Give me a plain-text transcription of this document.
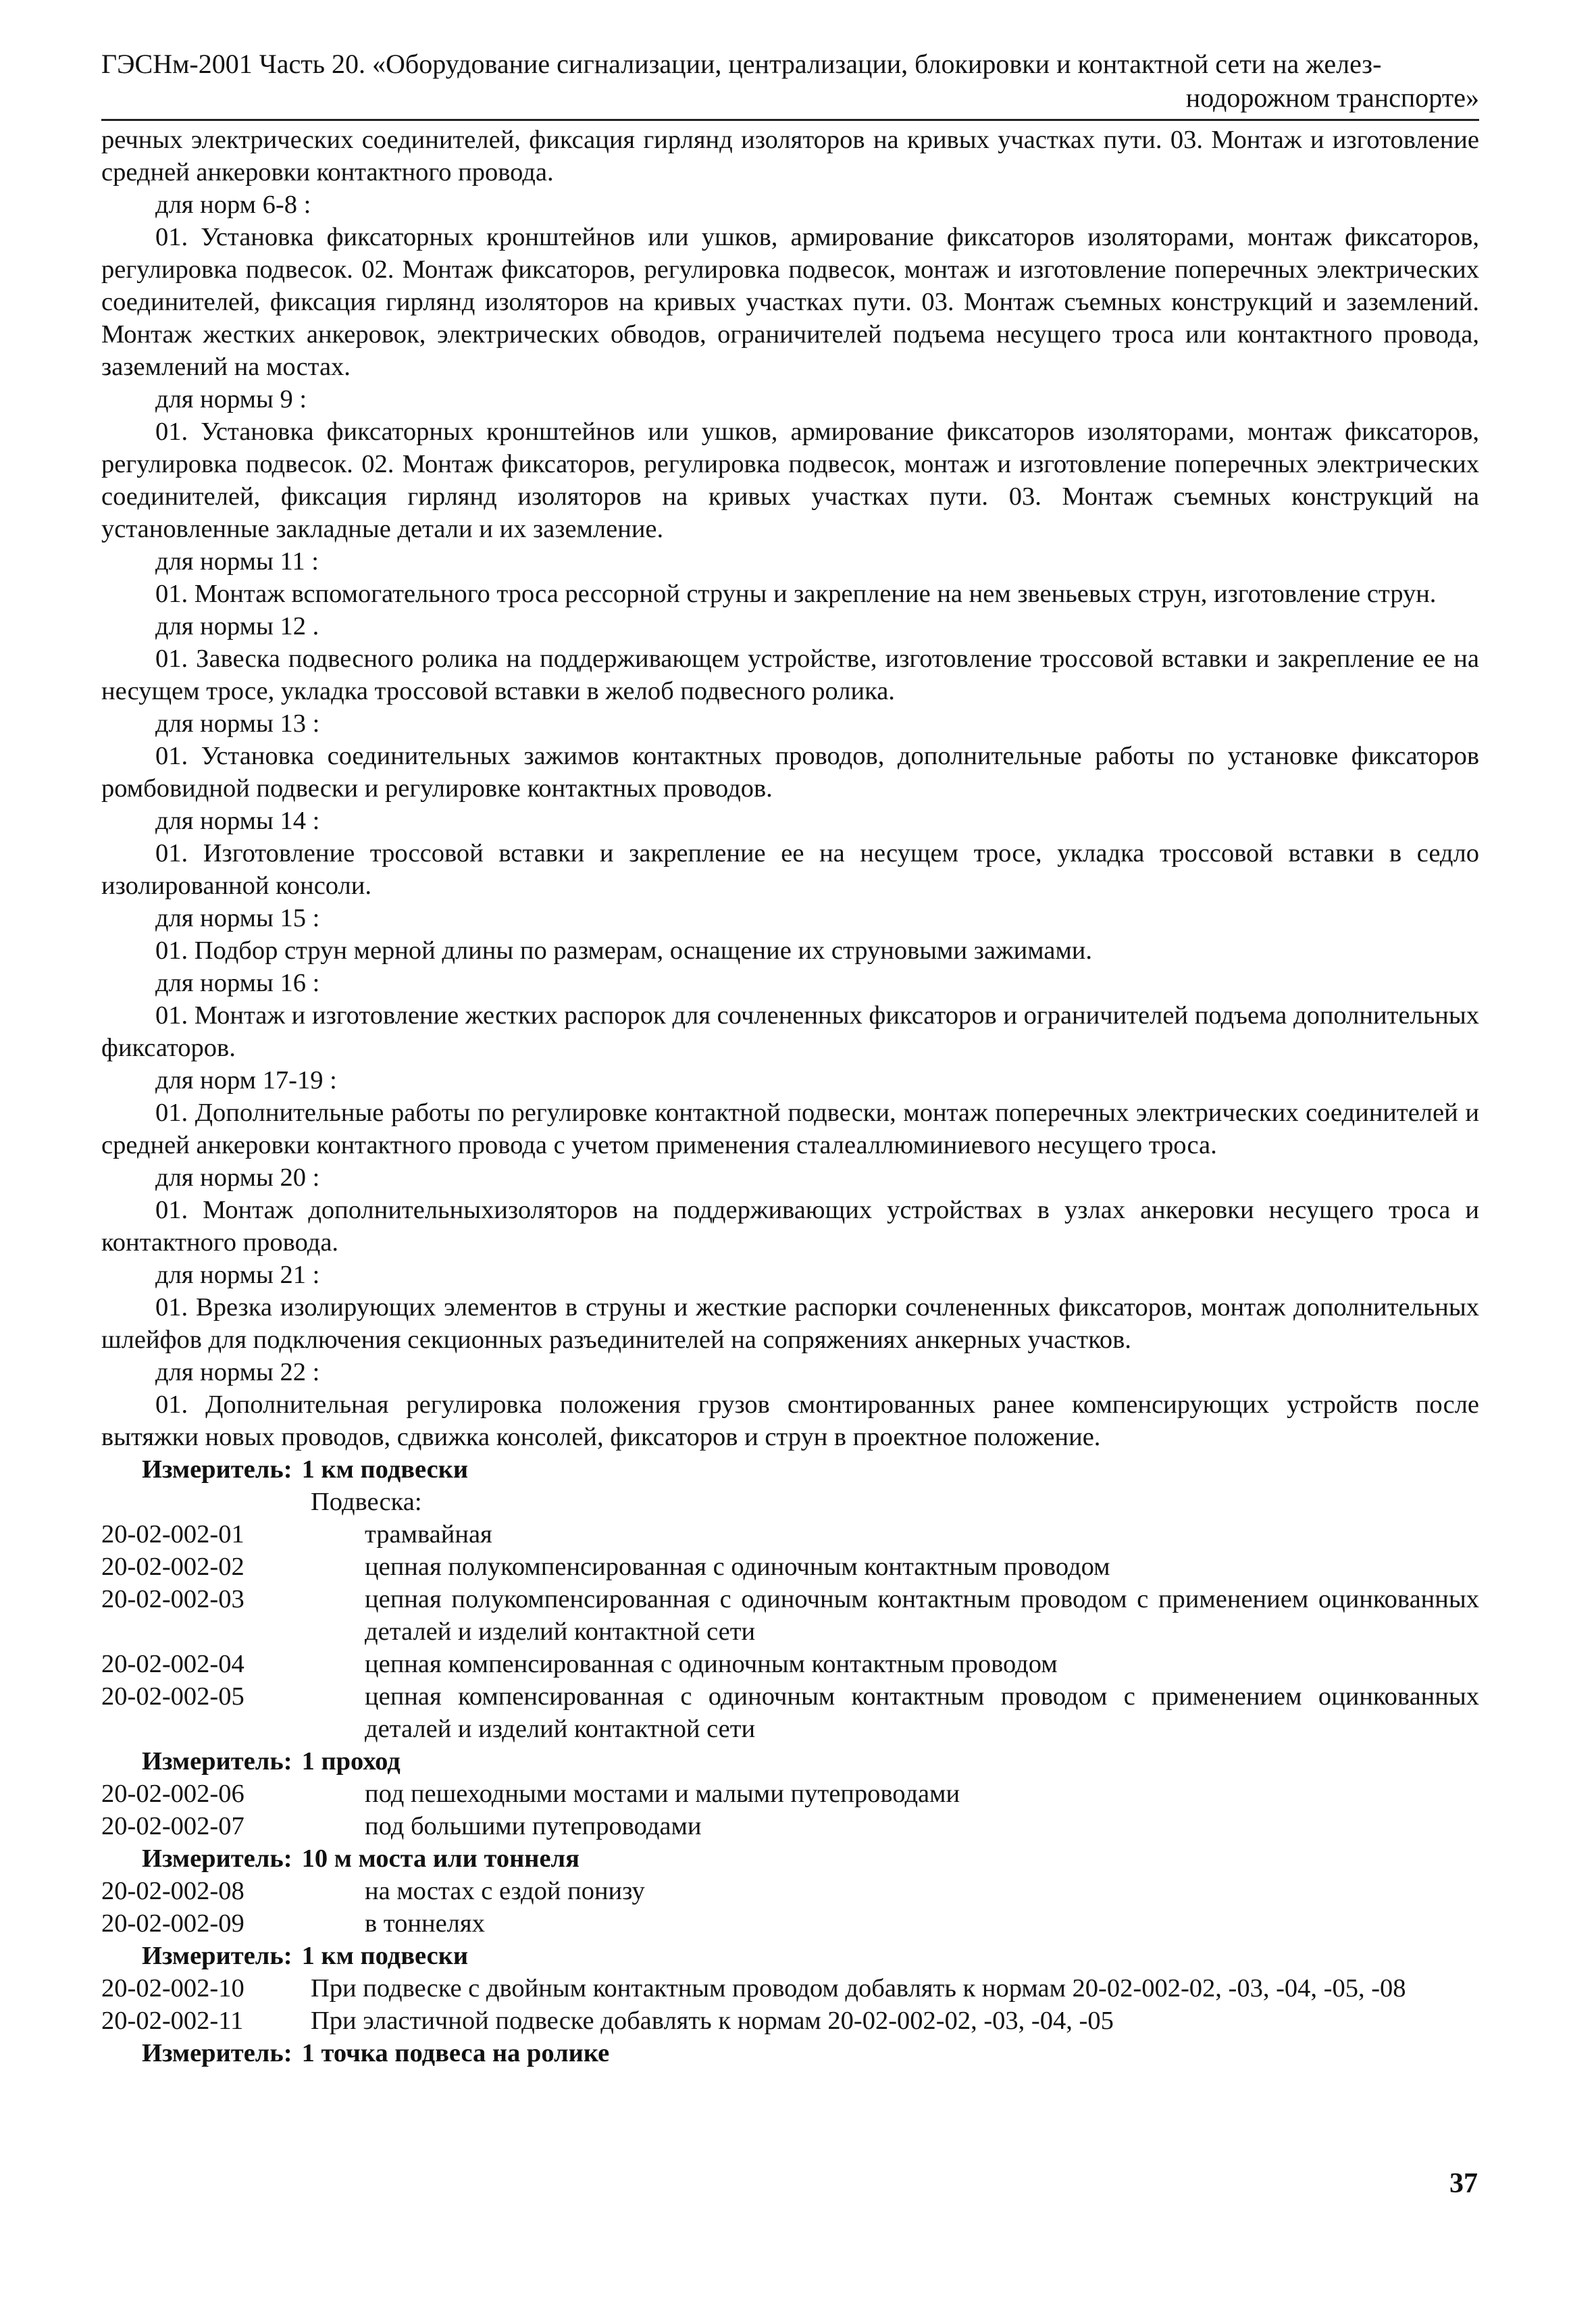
ГЭСНм-2001 Часть 20. «Оборудование сигнализации, централизации, блокировки и контактной сети на желез-
нодорожном транспорте»

речных электрических соединителей, фиксация гирлянд изоляторов на кривых участках пути. 03. Монтаж и изготовление средней анкеровки контактного провода.

для норм 6-8 :

01. Установка фиксаторных кронштейнов или ушков, армирование фиксаторов изоляторами, монтаж фиксаторов, регулировка подвесок. 02. Монтаж фиксаторов, регулировка подвесок, монтаж и изготовление поперечных электрических соединителей, фиксация гирлянд изоляторов на кривых участках пути. 03. Монтаж съемных конструкций и заземлений. Монтаж жестких анкеровок, электрических обводов, ограничителей подъема несущего троса или контактного провода, заземлений на мостах.

для нормы 9 :

01. Установка фиксаторных кронштейнов или ушков, армирование фиксаторов изоляторами, монтаж фиксаторов, регулировка подвесок. 02. Монтаж фиксаторов, регулировка подвесок, монтаж и изготовление поперечных электрических соединителей, фиксация гирлянд изоляторов на кривых участках пути. 03. Монтаж съемных конструкций на установленные закладные детали и их заземление.

для нормы 11 :

01. Монтаж вспомогательного троса рессорной струны и закрепление на нем звеньевых струн, изготовление струн.

для нормы 12 .

01. Завеска подвесного ролика на поддерживающем устройстве, изготовление троссовой вставки и закрепление ее на несущем тросе, укладка троссовой вставки в желоб подвесного ролика.

для нормы 13 :

01. Установка соединительных зажимов контактных проводов, дополнительные работы по установке фиксаторов ромбовидной подвески и регулировке контактных проводов.

для нормы 14 :

01. Изготовление троссовой вставки и закрепление ее на несущем тросе, укладка троссовой вставки в седло изолированной консоли.

для нормы 15 :

01. Подбор струн мерной длины по размерам, оснащение их струновыми зажимами.

для нормы 16 :

01. Монтаж и изготовление жестких распорок для сочлененных фиксаторов и ограничителей подъема дополнительных фиксаторов.

для норм 17-19 :

01. Дополнительные работы по регулировке контактной подвески, монтаж поперечных электрических соединителей и средней анкеровки контактного провода с учетом применения сталеаллюминиевого несущего троса.

для нормы 20 :

01. Монтаж дополнительныхизоляторов на поддерживающих устройствах в узлах анкеровки несущего троса и контактного провода.

для нормы 21 :

01. Врезка изолирующих элементов в струны и жесткие распорки сочлененных фиксаторов, монтаж дополнительных шлейфов для подключения секционных разъединителей на сопряжениях анкерных участков.

для нормы 22 :

01. Дополнительная регулировка положения грузов смонтированных ранее компенсирующих устройств после вытяжки новых проводов, сдвижка консолей, фиксаторов и струн в проектное положение.

Измеритель: 1 км подвески
Подвеска:
20-02-002-01	трамвайная
20-02-002-02	цепная полукомпенсированная с одиночным контактным проводом
20-02-002-03	цепная полукомпенсированная с одиночным контактным проводом с применением оцинкованных деталей и изделий контактной сети
20-02-002-04	цепная компенсированная с одиночным контактным проводом
20-02-002-05	цепная компенсированная с одиночным контактным проводом с применением оцинкованных деталей и изделий контактной сети
Измеритель: 1 проход
20-02-002-06	под пешеходными мостами и малыми путепроводами
20-02-002-07	под большими путепроводами
Измеритель: 10 м моста или тоннеля
20-02-002-08	на мостах с ездой понизу
20-02-002-09	в тоннелях
Измеритель: 1 км подвески
20-02-002-10	При подвеске с двойным контактным проводом добавлять к нормам 20-02-002-02, -03, -04, -05, -08
20-02-002-11	При эластичной подвеске добавлять к нормам 20-02-002-02, -03, -04, -05
Измеритель: 1 точка подвеса на ролике
37
